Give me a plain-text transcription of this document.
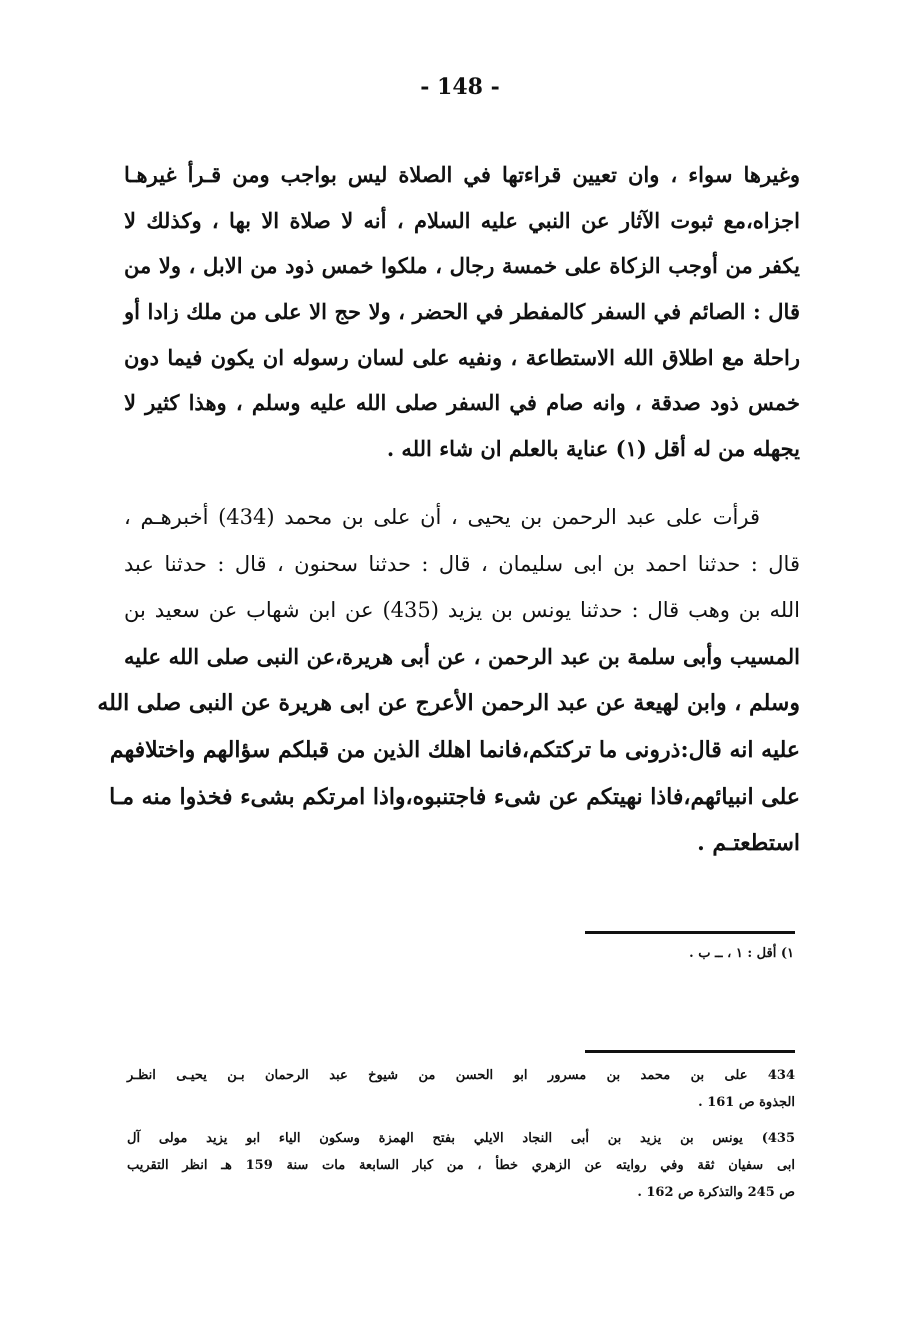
- 148 -
وغيرها سواء ، وان تعيين قراءتها في الصلاة ليس بواجب ومن قـرأ غيرهـا
اجزاه،مع ثبوت الآثار عن النبي عليه السلام ، أنه لا صلاة الا بها ، وكذلك لا
يكفر من أوجب الزكاة على خمسة رجال ، ملكوا خمس ذود من الابل ، ولا من
قال : الصائم في السفر كالمفطر في الحضر ، ولا حج الا على من ملك زادا أو
راحلة مع اطلاق الله الاستطاعة ، ونفيه على لسان رسوله ان يكون فيما دون
خمس ذود صدقة ، وانه صام في السفر صلى الله عليه وسلم ، وهذا كثير لا
يجهله من له أقل (١) عناية بالعلم ان شاء الله .
قرأت على عبد الرحمن بن يحيى ، أن على بن محمد (434) أخبرهـم ،
قال : حدثنا احمد بن ابى سليمان ، قال : حدثنا سحنون ، قال : حدثنا عبد
الله بن وهب قال : حدثنا يونس بن يزيد (435) عن ابن شهاب عن سعيد بن
المسيب وأبى سلمة بن عبد الرحمن ، عن أبى هريرة،عن النبى صلى الله عليه
وسلم ، وابن لهيعة عن عبد الرحمن الأعرج عن ابى هريرة عن النبى صلى الله
عليه انه قال:ذرونى ما تركتكم،فانما اهلك الذين من قبلكم سؤالهم واختلافهم
على انبيائهم،فاذا نهيتكم عن شىء فاجتنبوه،واذا امرتكم بشىء فخذوا منه مـا
استطعتـم .
١) أقل : ١ ، ــ ب .
434 على بن محمد بن مسرور ابو الحسن من شيوخ عبد الرحمان بـن يحيـى انظـر
الجذوة ص 161 .
435) يونس بن يزيد بن أبى النجاد الايلي بفتح الهمزة وسكون الياء ابو يزيد مولى آل
ابى سفيان ثقة وفي روايته عن الزهري خطأ ، من كبار السابعة مات سنة 159 هـ انظر التقريب
ص 245 والتذكرة ص 162 .
